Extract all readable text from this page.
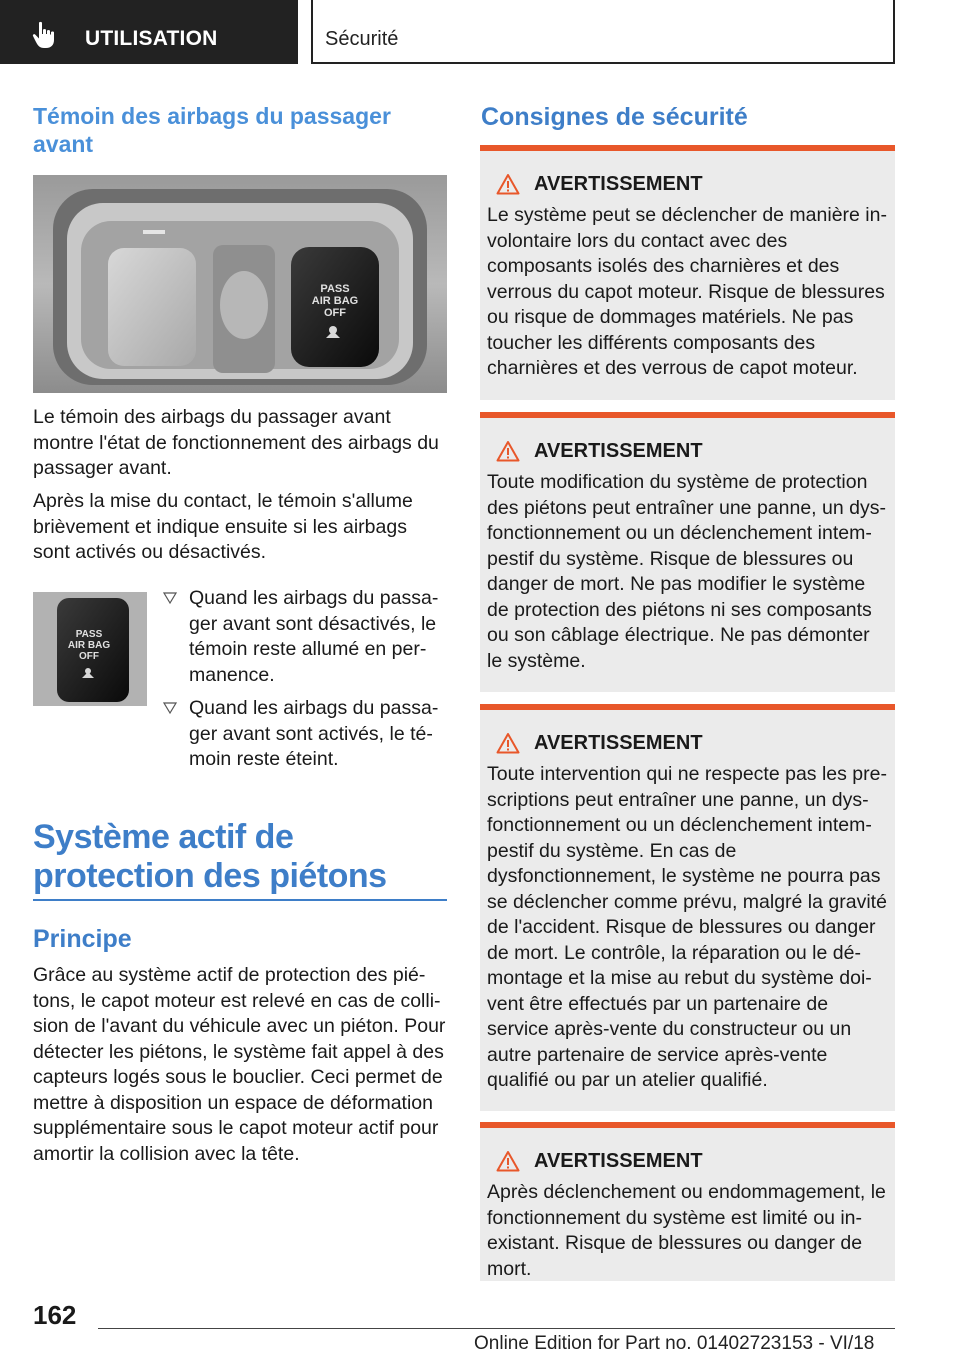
UTILISATION	Sécurité
Témoin des airbags du passager avant
PASS
AIR BAG
OFF
Le témoin des airbags du passager avant montre l'état de fonctionnement des airbags du passager avant.
Après la mise du contact, le témoin s'allume brièvement et indique ensuite si les airbags sont activés ou désactivés.
PASS
AIR BAG
OFF
Quand les airbags du passager avant sont désactivés, le témoin reste allumé en permanence.
Quand les airbags du passager avant sont activés, le témoin reste éteint.
Système actif de protection des piétons
Principe
Grâce au système actif de protection des piétons, le capot moteur est relevé en cas de collision de l'avant du véhicule avec un piéton. Pour détecter les piétons, le système fait appel à des capteurs logés sous le bouclier. Ceci permet de mettre à disposition un espace de déformation supplémentaire sous le capot moteur actif pour amortir la collision avec la tête.
Consignes de sécurité
AVERTISSEMENT
Le système peut se déclencher de manière involontaire lors du contact avec des composants isolés des charnières et des verrous du capot moteur. Risque de blessures ou risque de dommages matériels. Ne pas toucher les différents composants des charnières et des verrous de capot moteur.
AVERTISSEMENT
Toute modification du système de protection des piétons peut entraîner une panne, un dysfonctionnement ou un déclenchement intempestif du système. Risque de blessures ou danger de mort. Ne pas modifier le système de protection des piétons ni ses composants ou son câblage électrique. Ne pas démonter le système.
AVERTISSEMENT
Toute intervention qui ne respecte pas les prescriptions peut entraîner une panne, un dysfonctionnement ou un déclenchement intempestif du système. En cas de dysfonctionnement, le système ne pourra pas se déclencher comme prévu, malgré la gravité de l'accident. Risque de blessures ou danger de mort. Le contrôle, la réparation ou le démontage et la mise au rebut du système doivent être effectués par un partenaire de service après-vente du constructeur ou un autre partenaire de service après-vente qualifié ou par un atelier qualifié.
AVERTISSEMENT
Après déclenchement ou endommagement, le fonctionnement du système est limité ou inexistant. Risque de blessures ou danger de mort.
162
Online Edition for Part no. 01402723153 - VI/18
